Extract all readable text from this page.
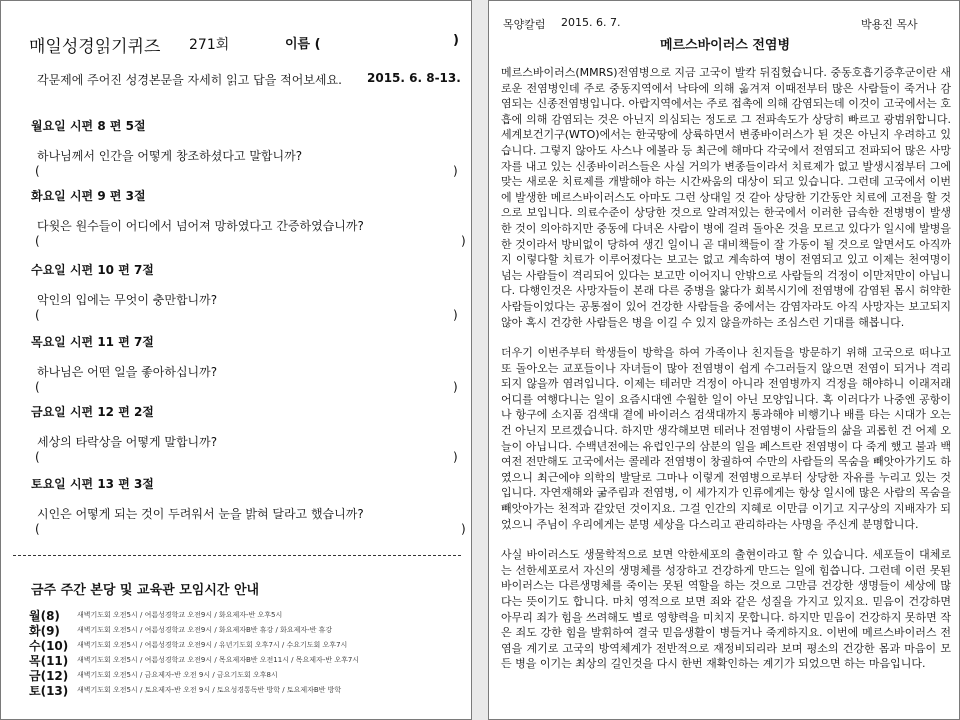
매일성경읽기퀴즈 271회	이름 (	)
각문제에 주어진 성경본문을 자세히 읽고 답을 적어보세요. 2015. 6. 8-13.
월요일 시편 8 편 5절
하나님께서 인간을 어떻게 창조하셨다고 말합니까?
(	)
화요일 시편 9 편 3절
다윗은 원수들이 어디에서 넘어져 망하였다고 간증하였습니까?
(	)
수요일 시편 10 편 7절
악인의 입에는 무엇이 충만합니까?
(	)
목요일 시편 11 편 7절
하나님은 어떤 일을 좋아하십니까?
(	)
금요일 시편 12 편 2절
세상의 타락상을 어떻게 말합니까?
(	)
토요일 시편 13 편 3절
시인은 어떻게 되는 것이 두려워서 눈을 밝혀 달라고 했습니까?
(	)
금주 주간 본당 및 교육관 모임시간 안내
월(8) 새벽기도회 오전5시 / 여름성경학교 오전9시 / 화요제자-반 오후5시
화(9) 새벽기도회 오전5시 / 여름성경학교 오전9시 / 화요제자B반 휴강 / 화요제자-반 휴강
수(10) 새벽기도회 오전5시 / 여름성경학교 오전9시 / 유년기도회 오후7시 / 수요기도회 오후7시
목(11) 새벽기도회 오전5시 / 여름성경학교 오전9시 / 목요제자B반 오전11시 / 목요제자-반 오후7시
금(12) 새벽기도회 오전5시 / 금요제자-반 오전 9시 / 금요기도회 오후8시
토(13) 새벽기도회 오전5시 / 토요제자-반 오전 9시 / 토요성경통독반 방학 / 토요제자B반 방학
목양칼럼 2015. 6. 7.	박용진 목사
메르스바이러스 전염병

메르스바이러스(MMRS)전염병으로 지금 고국이 발칵 뒤집혔습니다. 중동호흡기증후군이란 새로운 전염병인데 주로 중동지역에서 낙타에 의해 옮겨져 이때전부터 많은 사람들이 죽거나 감염되는 신종전염병입니다. 아랍지역에서는 주로 접촉에 의해 감염되는데 이것이 고국에서는 호흡에 의해 감염되는 것은 아닌지 의심되는 정도로 그 전파속도가 상당히 빠르고 광범위합니다. 세계보건기구(WTO)에서는 한국땅에 상륙하면서 변종바이러스가 된 것은 아닌지 우려하고 있습니다. 그렇지 않아도 사스나 에볼라 등 최근에 해마다 각국에서 전염되고 전파되어 많은 사망자를 내고 있는 신종바이러스들은 사실 거의가 변종들이라서 치료제가 없고 발생시점부터 그에 맞는 새로운 치료제를 개발해야 하는 시간싸움의 대상이 되고 있습니다. 그런데 고국에서 이번에 발생한 메르스바이러스도 아마도 그런 상대일 것 같아 상당한 기간동안 치료에 고전을 할 것으로 보입니다. 의료수준이 상당한 것으로 알려져있는 한국에서 이러한 급속한 전병병이 발생한 것이 의아하지만 중동에 다녀온 사람이 병에 걸려 돌아온 것을 모르고 있다가 일시에 발병을 한 것이라서 방비없이 당하여 생긴 일이니 곧 대비책들이 잘 가동이 될 것으로 알면서도 아직까지 이렇다할 치료가 이루어졌다는 보고는 없고 계속하여 병이 전염되고 있고 이제는 천여명이 넘는 사람들이 격리되어 있다는 보고만 이어지니 안밖으로 사람들의 걱정이 이만저만이 아닙니다. 다행인것은 사망자들이 본래 다른 중병을 앓다가 회복시기에 전염병에 감염된 몸시 허약한 사람들이었다는 공통점이 있어 건강한 사람들을 중에서는 감염자라도 아직 사망자는 보고되지 않아 혹시 건강한 사람들은 병을 이길 수 있지 않을까하는 조심스런 기대를 해봅니다.

더우기 이번주부터 학생들이 방학을 하여 가족이나 친지들을 방문하기 위해 고국으로 떠나고 또 돌아오는 교포들이나 자녀들이 많아 전염병이 쉽게 수그러들지 않으면 전염이 되거나 격리되지 않을까 염려입니다. 이제는 테러만 걱정이 아니라 전염병까지 걱정을 해야하니 이래저래 어디를 여행다니는 일이 요즘시대엔 수월한 일이 아닌 모양입니다. 혹 이러다가 나중엔 공항이나 항구에 소지품 검색대 곁에 바이러스 검색대까지 통과해야 비행기나 배를 타는 시대가 오는건 아닌지 모르겠습니다. 하지만 생각해보면 테러나 전염병이 사람들의 삶을 괴롭힌 건 어제 오늘이 아닙니다. 수백년전에는 유럽인구의 삼분의 일을 페스트란 전염병이 다 죽게 했고 불과 백여전 전만해도 고국에서는 콜레라 전염병이 창궐하여 수만의 사람들의 목숨을 빼앗아가기도 하였으니 최근에야 의학의 발달로 그마나 이렇게 전염병으로부터 상당한 자유를 누리고 있는 것입니다. 자연재해와 굶주림과 전염병, 이 세가지가 인류에게는 항상 일시에 많은 사람의 목숨을 빼앗아가는 천적과 같았던 것이지요. 그걸 인간의 지혜로 이만큼 이기고 지구상의 지배자가 되었으니 주님이 우리에게는 분명 세상을 다스리고 관리하라는 사명을 주신게 분명합니다.

사실 바이러스도 생물학적으로 보면 악한세포의 출현이라고 할 수 있습니다. 세포들이 대체로는 선한세포로서 자신의 생명체를 성장하고 건강하게 만드는 일에 힘씁니다. 그런데 이런 못된 바이러스는 다른생명체를 죽이는 못된 역할을 하는 것으로 그만큼 건강한 생명들이 세상에 많다는 뜻이기도 합니다. 마치 영적으로 보면 죄와 같은 성질을 가지고 있지요. 믿음이 건강하면 아무리 죄가 힘을 쓰려해도 별로 영향력을 미치지 못합니다. 하지만 믿음이 건강하지 못하면 작은 죄도 강한 힘을 발휘하여 결국 믿음생활이 병들거나 죽게하지요. 이번에 메르스바이러스 전염을 계기로 고국의 방역체계가 전반적으로 재정비되리라 보며 평소의 건강한 몸과 마음이 모든 병을 이기는 최상의 길인것을 다시 한번 재확인하는 계기가 되었으면 하는 마음입니다.
